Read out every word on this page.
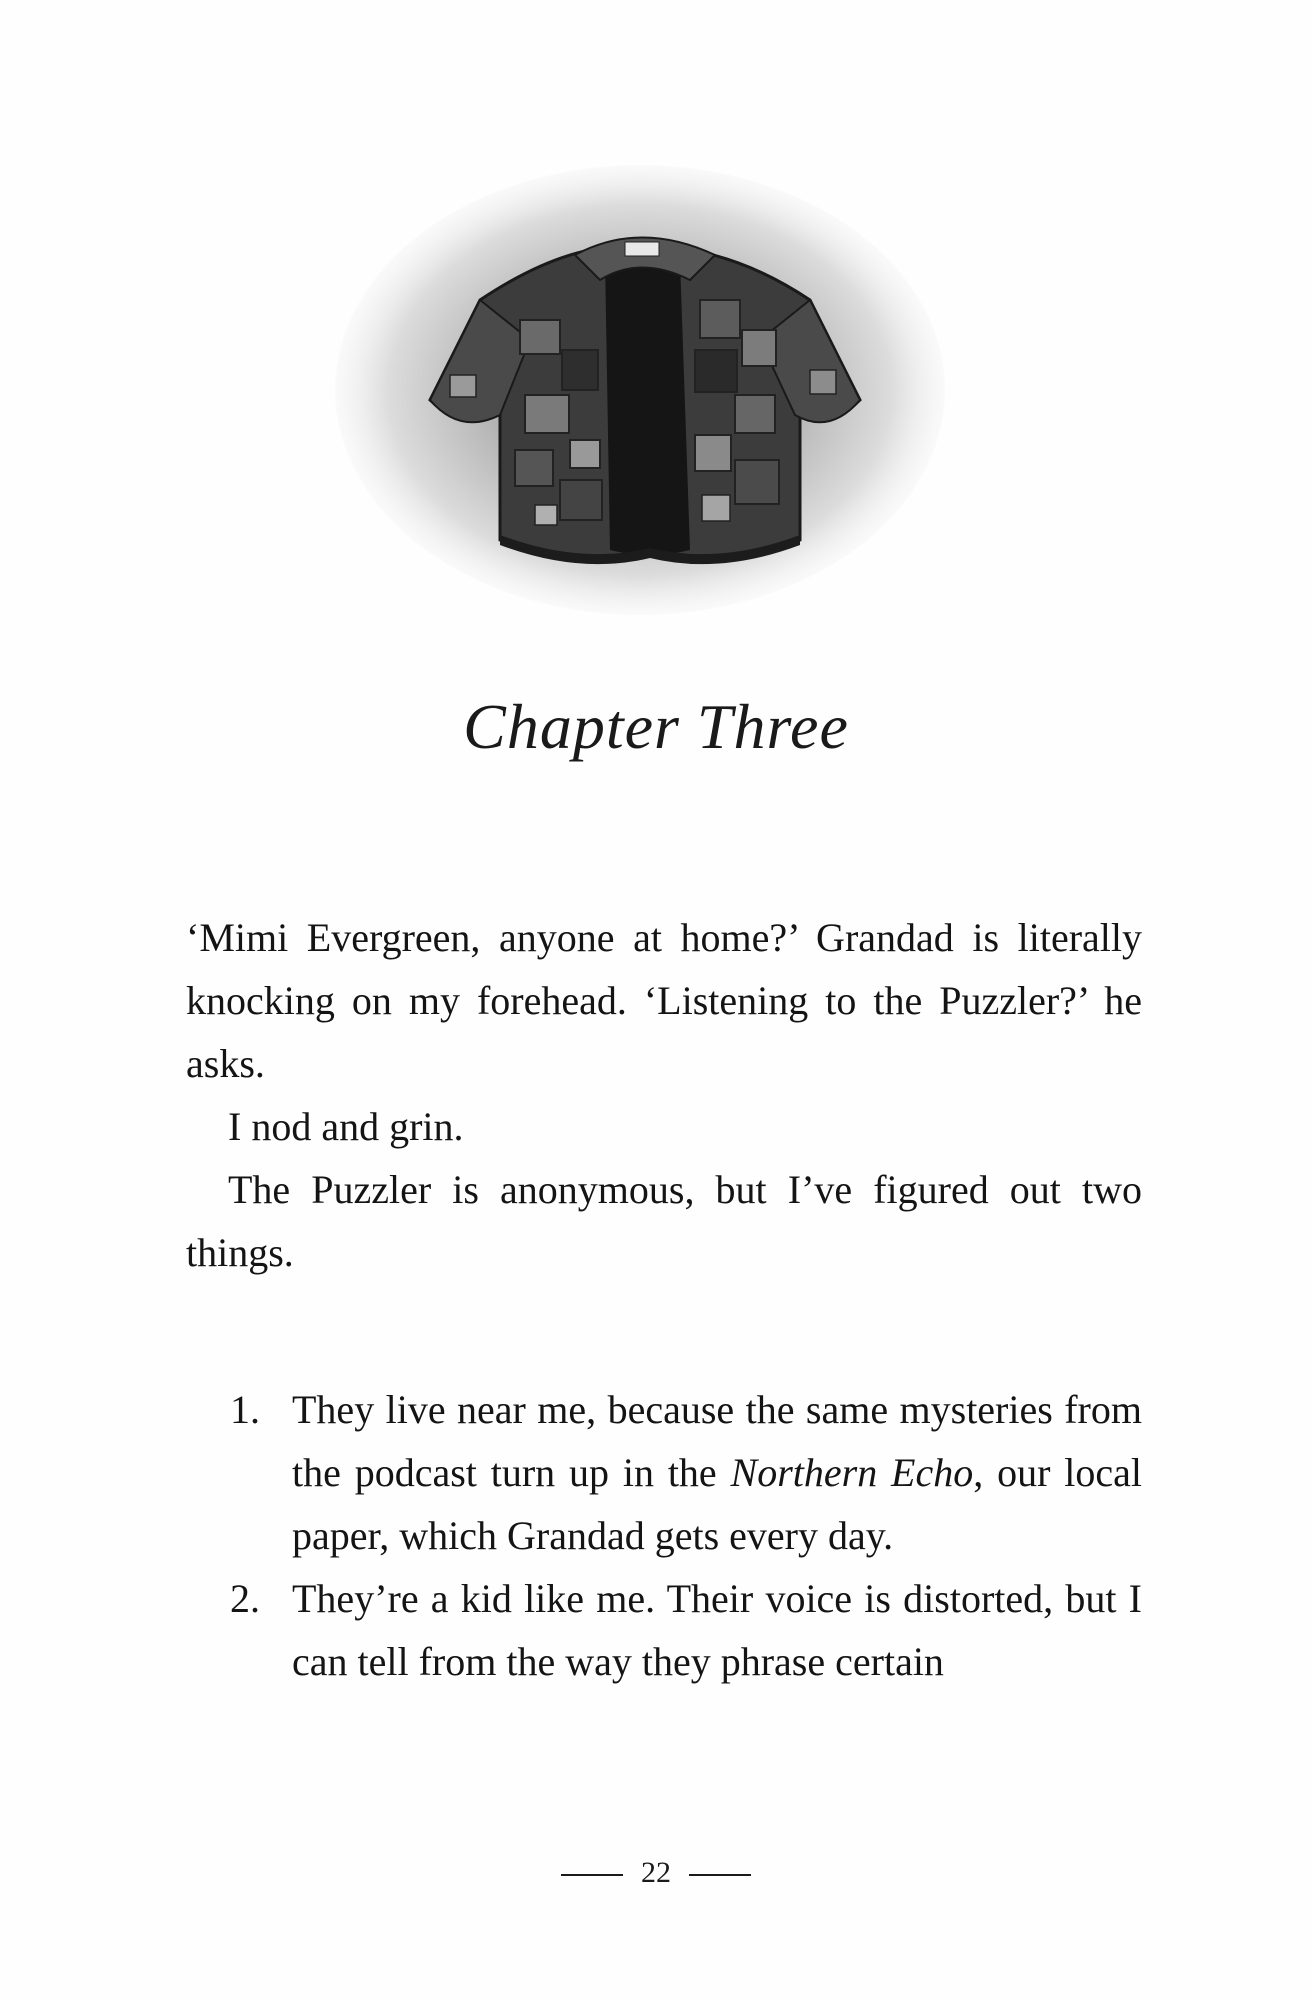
Chapter Three

‘Mimi Evergreen, anyone at home?’ Grandad is literally knocking on my forehead. ‘Listening to the Puzzler?’ he asks.

I nod and grin.

The Puzzler is anonymous, but I’ve figured out two things.

1. They live near me, because the same mysteries from the podcast turn up in the Northern Echo, our local paper, which Grandad gets every day.
2. They’re a kid like me. Their voice is distorted, but I can tell from the way they phrase certain
22
